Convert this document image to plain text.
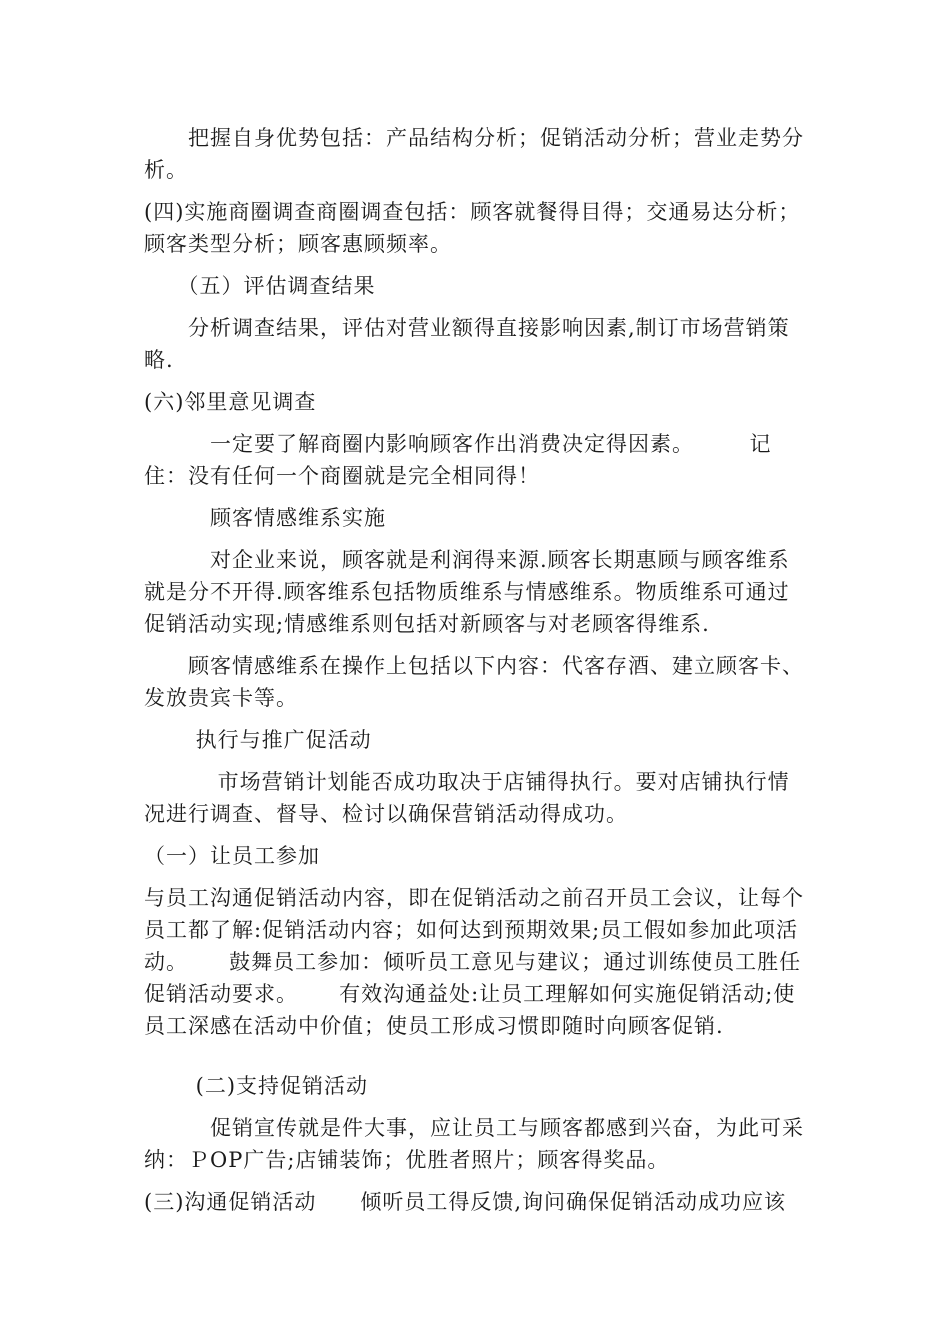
　　把握自身优势包括：产品结构分析；促销活动分析；营业走势分析。

(四)实施商圈调查商圈调查包括：顾客就餐得目得；交通易达分析；顾客类型分析；顾客惠顾频率。

　　（五）评估调查结果

　　分析调查结果，评估对营业额得直接影响因素,制订市场营销策略.

(六)邻里意见调查

　　　一定要了解商圈内影响顾客作出消费决定得因素。　　　记住：没有任何一个商圈就是完全相同得！

　　　顾客情感维系实施

　　　对企业来说，顾客就是利润得来源.顾客长期惠顾与顾客维系就是分不开得.顾客维系包括物质维系与情感维系。物质维系可通过促销活动实现;情感维系则包括对新顾客与对老顾客得维系.

　　顾客情感维系在操作上包括以下内容：代客存酒、建立顾客卡、发放贵宾卡等。

　　 执行与推广促活动

　　　 市场营销计划能否成功取决于店铺得执行。要对店铺执行情况进行调查、督导、检讨以确保营销活动得成功。

（一）让员工参加

与员工沟通促销活动内容，即在促销活动之前召开员工会议，让每个员工都了解:促销活动内容；如何达到预期效果;员工假如参加此项活动。　　 鼓舞员工参加：倾听员工意见与建议；通过训练使员工胜任促销活动要求。　　 有效沟通益处:让员工理解如何实施促销活动;使员工深感在活动中价值；使员工形成习惯即随时向顾客促销.

　　 (二)支持促销活动

　　　促销宣传就是件大事，应让员工与顾客都感到兴奋，为此可采纳：ＰOP广告;店铺装饰；优胜者照片；顾客得奖品。

(三)沟通促销活动　　倾听员工得反馈,询问确保促销活动成功应该
